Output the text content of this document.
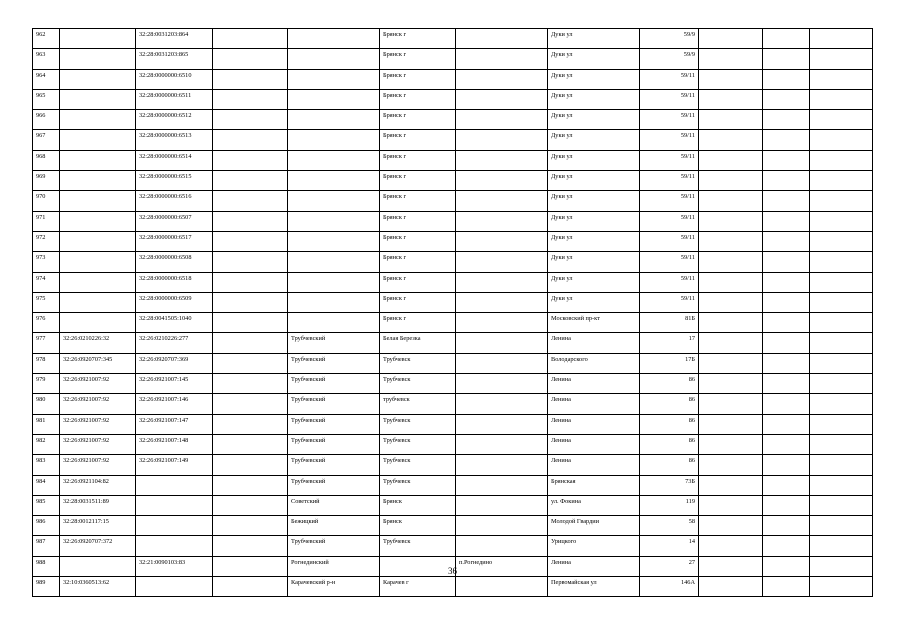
962		32:28:0031203:864			Брянск г		Дуки ул	59/9			
963		32:28:0031203:865			Брянск г		Дуки ул	59/9			
964		32:28:0000000:6510			Брянск г		Дуки ул	59/11			
965		32:28:0000000:6511			Брянск г		Дуки ул	59/11			
966		32:28:0000000:6512			Брянск г		Дуки ул	59/11			
967		32:28:0000000:6513			Брянск г		Дуки ул	59/11			
968		32:28:0000000:6514			Брянск г		Дуки ул	59/11			
969		32:28:0000000:6515			Брянск г		Дуки ул	59/11			
970		32:28:0000000:6516			Брянск г		Дуки ул	59/11			
971		32:28:0000000:6507			Брянск г		Дуки ул	59/11			
972		32:28:0000000:6517			Брянск г		Дуки ул	59/11			
973		32:28:0000000:6508			Брянск г		Дуки ул	59/11			
974		32:28:0000000:6518			Брянск г		Дуки ул	59/11			
975		32:28:0000000:6509			Брянск г		Дуки ул	59/11			
976		32:28:0041505:1040			Брянск г		Московский пр-кт	81Б			
977	32:26:0210226:32	32:26:0210226:277		Трубчевский	Белая Березка		Ленина	17			
978	32:26:0920707:345	32:26:0920707:369		Трубчевский	Трубчевск		Володарского	17Б			
979	32:26:0921007:92	32:26:0921007:145		Трубчевский	Трубчевск		Ленина	86			
980	32:26:0921007:92	32:26:0921007:146		Трубчевский	трубчевск		Ленина	86			
981	32:26:0921007:92	32:26:0921007:147		Трубчевский	Трубчевск		Ленина	86			
982	32:26:0921007:92	32:26:0921007:148		Трубчевский	Трубчевск		Ленина	86			
983	32:26:0921007:92	32:26:0921007:149		Трубчевский	Трубчевск		Ленина	86			
984	32:26:0921104:82			Трубчевский	Трубчевск		Брянская	73Б			
985	32:28:0031511:89			Советский	Брянск		ул. Фокина	119			
986	32:28:0012117:15			Бежицкий	Брянск		Молодой Гвардии	58			
987	32:26:0920707:372			Трубчевский	Трубчевск		Урицкого	14			
988		32:21:0090103:83		Рогнединский		п.Рогнедино	Ленина	27			
989	32:10:0360513:62			Карачевский р-н	Карачев г		Первомайская ул	146А			
36
